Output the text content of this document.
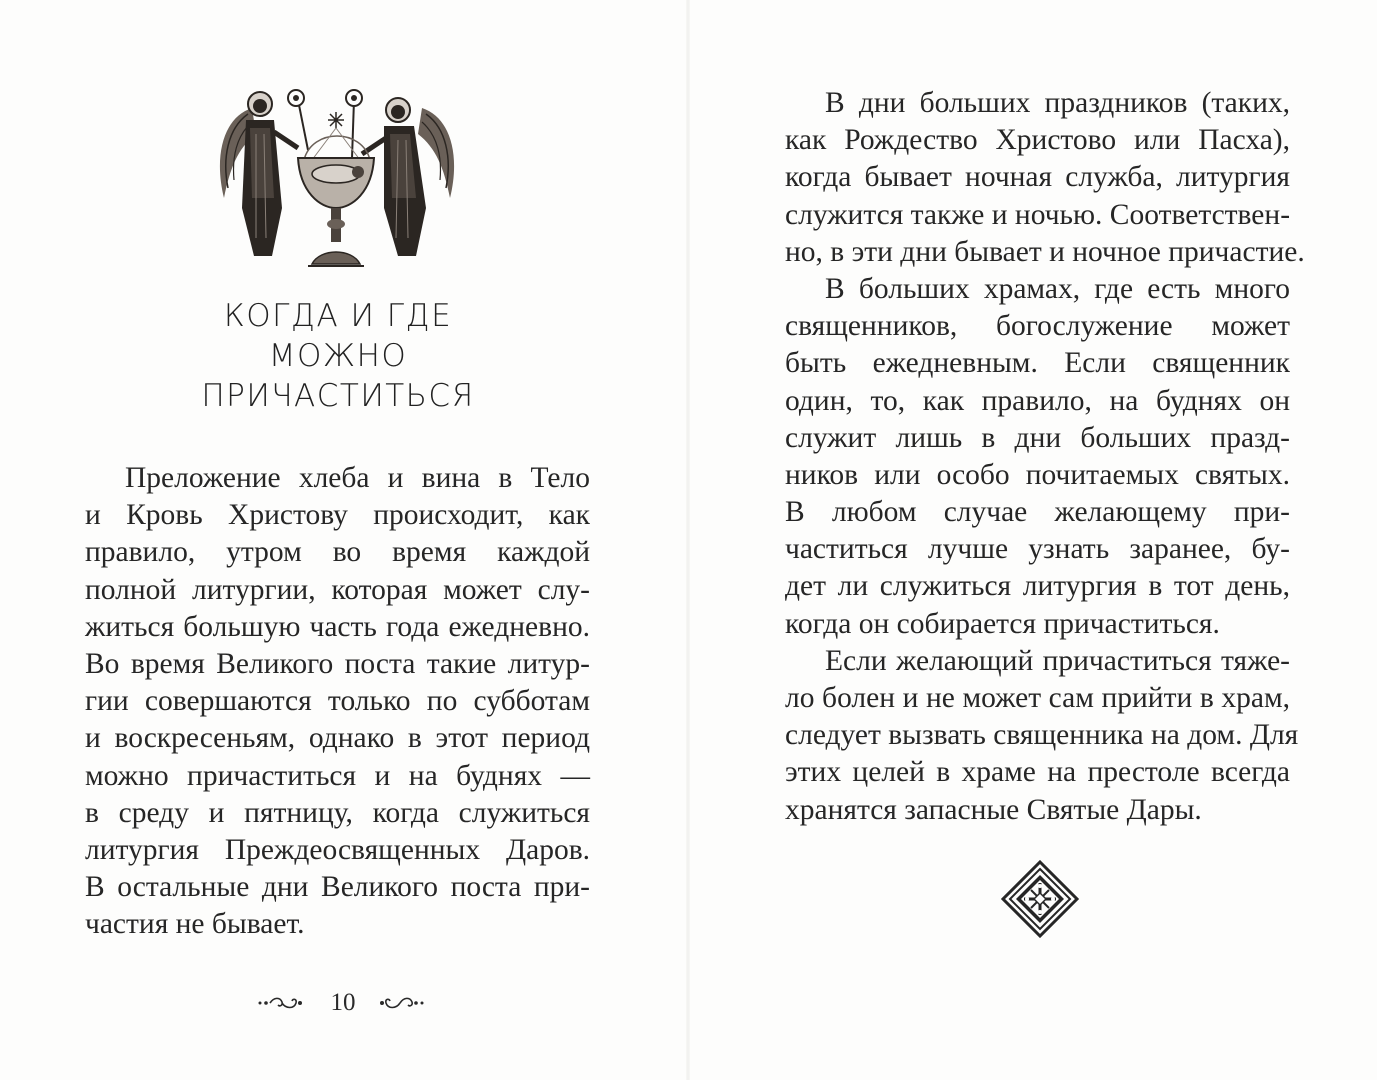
КОГДА И ГДЕ
МОЖНО
ПРИЧАСТИТЬСЯ
Преложение хлеба и вина в Тело
и Кровь Христову происходит, как
правило, утром во время каждой
полной литургии, которая может слу-
житься большую часть года ежедневно.
Во время Великого поста такие литур-
гии совершаются только по субботам
и воскресеньям, однако в этот период
можно причаститься и на буднях —
в среду и пятницу, когда служиться
литургия Преждеосвященных Даров.
В остальные дни Великого поста при-
частия не бывает.
10
В дни больших праздников (таких,
как Рождество Христово или Пасха),
когда бывает ночная служба, литургия
служится также и ночью. Соответствен-
но, в эти дни бывает и ночное причастие.
В больших храмах, где есть много
священников, богослужение может
быть ежедневным. Если священник
один, то, как правило, на буднях он
служит лишь в дни больших празд-
ников или особо почитаемых святых.
В любом случае желающему при-
частиться лучше узнать заранее, бу-
дет ли служиться литургия в тот день,
когда он собирается причаститься.
Если желающий причаститься тяже-
ло болен и не может сам прийти в храм,
следует вызвать священника на дом. Для
этих целей в храме на престоле всегда
хранятся запасные Святые Дары.
